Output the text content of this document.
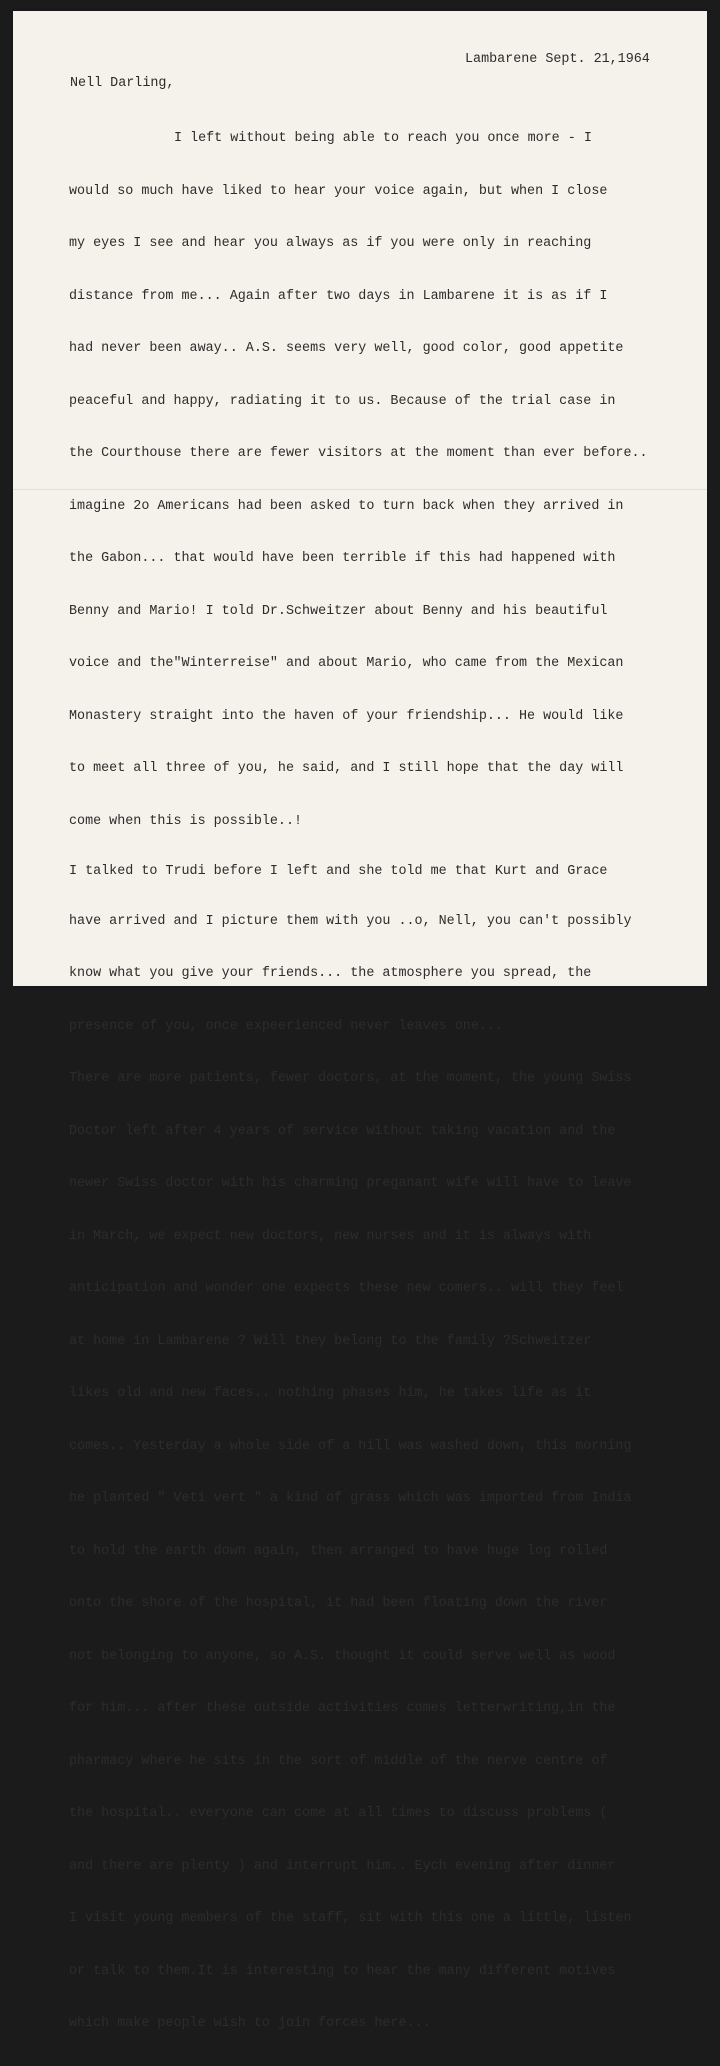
Lambarene Sept. 21,1964
Nell Darling,

I left without being able to reach you once more - I

would so much have liked to hear your voice again, but when I close

my eyes I see and hear you always as if you were only in reaching

distance from me... Again after two days in Lambarene it is as if I

had never been away.. A.S. seems very well, good color, good appetite

peaceful and happy, radiating it to us. Because of the trial case in

the Courthouse there are fewer visitors at the moment than ever before..

imagine 2o Americans had been asked to turn back when they arrived in

the Gabon... that would have been terrible if this had happened with

Benny and Mario! I told Dr.Schweitzer about Benny and his beautiful

voice and the"Winterreise" and about Mario, who came from the Mexican

Monastery straight into the haven of your friendship... He would like

to meet all three of you, he said, and I still hope that the day will

come when this is possible..!

I talked to Trudi before I left and she told me that Kurt and Grace

have arrived and I picture them with you ..o, Nell, you can't possibly

know what you give your friends... the atmosphere you spread, the

presence of you, once expeerienced never leaves one...

There are more patients, fewer doctors, at the moment, the young Swiss

Doctor left after 4 years of service without taking vacation and the

newer Swiss doctor with his charming preganant wife will have to leave

in March, we expect new doctors, new nurses and it is always with

anticipation and wonder one expects these new comers.. will they feel

at home in Lambarene ? Will they belong to the family ?Schweitzer

likes old and new faces.. nothing phases him, he takes life as it

comes.. Yesterday a whole side of a hill was washed down, this morning

he planted " Veti vert " a kind of grass which was imported from India

to hold the earth down again, then arranged to have huge log rolled

onto the shore of the hospital, it had been floating down the river

not belonging to anyone, so A.S. thought it could serve well as wood

for him... after these outside activities comes letterwriting,in the

pharmacy where he sits in the sort of middle of the nerve centre of

the hospital.. everyone can come at all times to discuss problems (

and there are plenty ) and interrupt him.. Eych evening after dinner

I visit young members of the staff, sit with this one a little, listen

or talk to them.It is interesting to hear the many different motives

which make people wish to join forces here...
